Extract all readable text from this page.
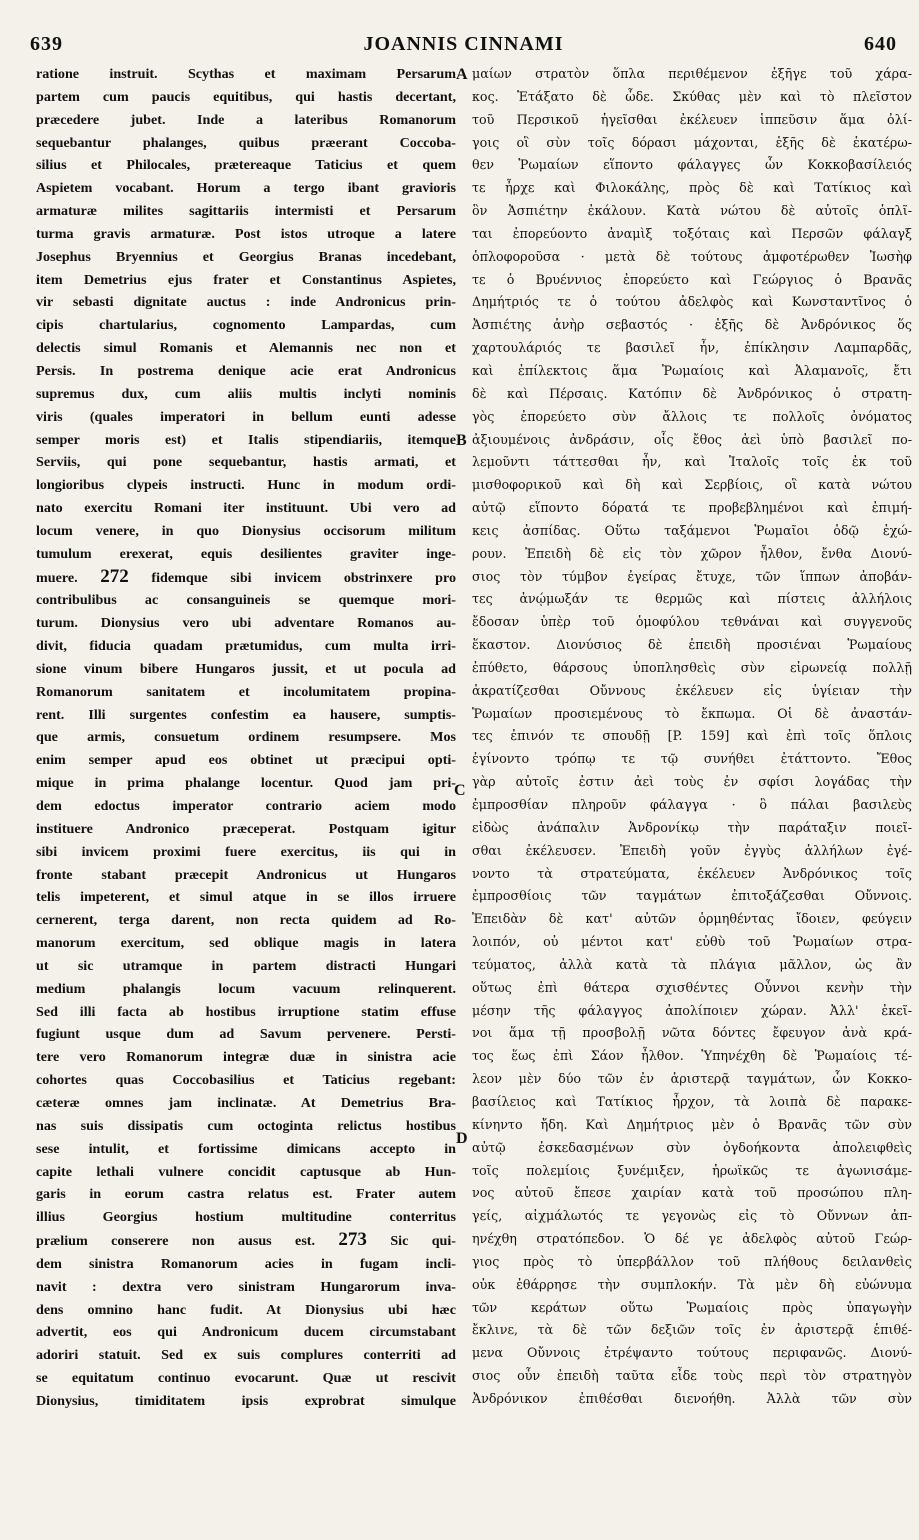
639	JOANNIS CINNAMI	640
ratione instruit. Scythas et maximam Persarum
partem cum paucis equitibus, qui hastis decertant,
præcedere jubet. Inde a lateribus Romanorum
sequebantur phalanges, quibus præerant Coccoba-
silius et Philocales, prætereaque Taticius et quem
Aspietem vocabant. Horum a tergo ibant gravioris
armaturæ milites sagittariis intermisti et Persarum
turma gravis armaturæ. Post istos utroque a latere
Josephus Bryennius et Georgius Branas incedebant,
item Demetrius ejus frater et Constantinus Aspietes,
vir sebasti dignitate auctus : inde Andronicus prin-
cipis chartularius, cognomento Lampardas, cum
delectis simul Romanis et Alemannis nec non et
Persis. In postrema denique acie erat Andronicus
supremus dux, cum aliis multis inclyti nominis
viris (quales imperatori in bellum eunti adesse
semper moris est) et Italis stipendiariis, itemque
Serviis, qui pone sequebantur, hastis armati, et
longioribus clypeis instructi. Hunc in modum ordi-
nato exercitu Romani iter instituunt. Ubi vero ad
locum venere, in quo Dionysius occisorum militum
tumulum erexerat, equis desilientes graviter inge-
muere. 272 fidemque sibi invicem obstrinxere pro
contribulibus ac consanguineis se quemque mori-
turum. Dionysius vero ubi adventare Romanos au-
divit, fiducia quadam prætumidus, cum multa irri-
sione vinum bibere Hungaros jussit, et ut pocula ad
Romanorum sanitatem et incolumitatem propina-
rent. Illi surgentes confestim ea hausere, sumptis-
que armis, consuetum ordinem resumpsere. Mos
enim semper apud eos obtinet ut præcipui opti-
mique in prima phalange locentur. Quod jam pri-
dem edoctus imperator contrario aciem modo
instituere Andronico præceperat. Postquam igitur
sibi invicem proximi fuere exercitus, iis qui in
fronte stabant præcepit Andronicus ut Hungaros
telis impeterent, et simul atque in se illos irruere
cernerent, terga darent, non recta quidem ad Ro-
manorum exercitum, sed oblique magis in latera
ut sic utramque in partem distracti Hungari
medium phalangis locum vacuum relinquerent.
Sed illi facta ab hostibus irruptione statim effuse
fugiunt usque dum ad Savum pervenere. Persti-
tere vero Romanorum integræ duæ in sinistra acie
cohortes quas Coccobasilius et Taticius regebant:
cæteræ omnes jam inclinatæ. At Demetrius Bra-
nas suis dissipatis cum octoginta relictus hostibus
sese intulit, et fortissime dimicans accepto in
capite lethali vulnere concidit captusque ab Hun-
garis in eorum castra relatus est. Frater autem
illius Georgius hostium multitudine conterritus
prælium conserere non ausus est. 273 Sic qui-
dem sinistra Romanorum acies in fugam incli-
navit : dextra vero sinistram Hungarorum inva-
dens omnino hanc fudit. At Dionysius ubi hæc
advertit, eos qui Andronicum ducem circumstabant
adoriri statuit. Sed ex suis complures conterriti ad
se equitatum continuo evocarunt. Quæ ut rescivit
Dionysius, timiditatem ipsis exprobrat simulque
μαίων στρατὸν ὅπλα περιθέμενον ἐξῆγε τοῦ χάρα-
κος. Ἐτάξατο δὲ ὧδε. Σκύθας μὲν καὶ τὸ πλεῖστον
τοῦ Περσικοῦ ἡγεῖσθαι ἐκέλευεν ἱππεῦσιν ἅμα ὀλί-
γοις οἳ σὺν τοῖς δόρασι μάχονται, ἑξῆς δὲ ἑκατέρω-
θεν Ῥωμαίων εἵποντο φάλαγγες ὧν Κοκκοβασίλειός
τε ἦρχε καὶ Φιλοκάλης, πρὸς δὲ καὶ Τατίκιος καὶ
ὃν Ἀσπιέτην ἐκάλουν. Κατὰ νώτου δὲ αὐτοῖς ὁπλῖ-
ται ἐπορεύοντο ἀναμὶξ τοξόταις καὶ Περσῶν φάλαγξ
ὁπλοφοροῦσα · μετὰ δὲ τούτους ἀμφοτέρωθεν Ἰωσὴφ
τε ὁ Βρυέννιος ἐπορεύετο καὶ Γεώργιος ὁ Βρανᾶς
Δημήτριός τε ὁ τούτου ἀδελφὸς καὶ Κωνσταντῖνος ὁ
Ἀσπιέτης ἀνὴρ σεβαστός · ἑξῆς δὲ Ἀνδρόνικος ὅς
χαρτουλάριός τε βασιλεῖ ἦν, ἐπίκλησιν Λαμπαρδᾶς,
καὶ ἐπίλεκτοις ἅμα Ῥωμαίοις καὶ Ἀλαμανοῖς, ἔτι
δὲ καὶ Πέρσαις. Κατόπιν δὲ Ἀνδρόνικος ὁ στρατη-
γὸς ἐπορεύετο σὺν ἄλλοις τε πολλοῖς ὀνόματος
ἀξιουμένοις ἀνδράσιν, οἷς ἔθος ἀεὶ ὑπὸ βασιλεῖ πο-
λεμοῦντι τάττεσθαι ἦν, καὶ Ἰταλοῖς τοῖς ἐκ τοῦ
μισθοφορικοῦ καὶ δὴ καὶ Σερβίοις, οἳ κατὰ νώτου
αὐτῷ εἵποντο δόρατά τε προβεβλημένοι καὶ ἐπιμή-
κεις ἀσπίδας. Οὕτω ταξάμενοι Ῥωμαῖοι ὁδῷ ἐχώ-
ρουν. Ἐπειδὴ δὲ εἰς τὸν χῶρον ἦλθον, ἔνθα Διονύ-
σιος τὸν τύμβον ἐγείρας ἔτυχε, τῶν ἵππων ἀποβάν-
τες ἀνῴμωξάν τε θερμῶς καὶ πίστεις ἀλλήλοις
ἔδοσαν ὑπὲρ τοῦ ὁμοφύλου τεθνάναι καὶ συγγενοῦς
ἕκαστον. Διονύσιος δὲ ἐπειδὴ προσιέναι Ῥωμαίους
ἐπύθετο, θάρσους ὑποπλησθεὶς σὺν εἰρωνείᾳ πολλῇ
ἀκρατίζεσθαι Οὔννους ἐκέλευεν εἰς ὑγίειαν τὴν
Ῥωμαίων προσιεμένους τὸ ἔκπωμα. Οἱ δὲ ἀναστάν-
τες ἐπινόν τε σπουδῇ [P. 159] καὶ ἐπὶ τοῖς ὅπλοις
ἐγίνοντο τρόπῳ τε τῷ συνήθει ἐτάττοντο. Ἔθος
γὰρ αὐτοῖς ἐστιν ἀεὶ τοὺς ἐν σφίσι λογάδας τὴν
ἐμπροσθίαν πληροῦν φάλαγγα · ὃ πάλαι βασιλεὺς
εἰδὼς ἀνάπαλιν Ἀνδρονίκῳ τὴν παράταξιν ποιεῖ-
σθαι ἐκέλευσεν. Ἐπειδὴ γοῦν ἐγγὺς ἀλλήλων ἐγέ-
νοντο τὰ στρατεύματα, ἐκέλευεν Ἀνδρόνικος τοῖς
ἐμπροσθίοις τῶν ταγμάτων ἐπιτοξάζεσθαι Οὔννοις.
Ἐπειδὰν δὲ κατ' αὐτῶν ὁρμηθέντας ἴδοιεν, φεύγειν
λοιπόν, οὐ μέντοι κατ' εὐθὺ τοῦ Ῥωμαίων στρα-
τεύματος, ἀλλὰ κατὰ τὰ πλάγια μᾶλλον, ὡς ἂν
οὕτως ἐπὶ θάτερα σχισθέντες Οὖννοι κενὴν τὴν
μέσην τῆς φάλαγγος ἀπολίποιεν χώραν. Ἀλλ' ἐκεῖ-
νοι ἅμα τῇ προσβολῇ νῶτα δόντες ἔφευγον ἀνὰ κρά-
τος ἕως ἐπὶ Σάον ἦλθον. Ὑπηνέχθη δὲ Ῥωμαίοις τέ-
λεον μὲν δύο τῶν ἐν ἀριστερᾷ ταγμάτων, ὧν Κοκκο-
βασίλειος καὶ Τατίκιος ἦρχον, τὰ λοιπὰ δὲ παρακε-
κίνηντο ἤδη. Καὶ Δημήτριος μὲν ὁ Βρανᾶς τῶν σὺν
αὐτῷ ἐσκεδασμένων σὺν ὀγδοήκοντα ἀπολειφθεὶς
τοῖς πολεμίοις ξυνέμιξεν, ἡρωϊκῶς τε ἀγωνισάμε-
νος αὐτοῦ ἔπεσε χαιρίαν κατὰ τοῦ προσώπου πλη-
γείς, αἰχμάλωτός τε γεγονὼς εἰς τὸ Οὔννων ἀπ-
ηνέχθη στρατόπεδον. Ὁ δέ γε ἀδελφὸς αὐτοῦ Γεώρ-
γιος πρὸς τὸ ὑπερβάλλον τοῦ πλήθους δειλανθεὶς
οὐκ ἐθάρρησε τὴν συμπλοκήν. Τὰ μὲν δὴ εὐώνυμα
τῶν κεράτων οὕτω Ῥωμαίοις πρὸς ὑπαγωγὴν
ἔκλινε, τὰ δὲ τῶν δεξιῶν τοῖς ἐν ἀριστερᾷ ἐπιθέ-
μενα Οὔννοις ἐτρέψαντο τούτους περιφανῶς. Διονύ-
σιος οὖν ἐπειδὴ ταῦτα εἶδε τοὺς περὶ τὸν στρατηγὸν
Ἀνδρόνικον ἐπιθέσθαι διενοήθη. Ἀλλὰ τῶν σὺν
A
B
C
D
